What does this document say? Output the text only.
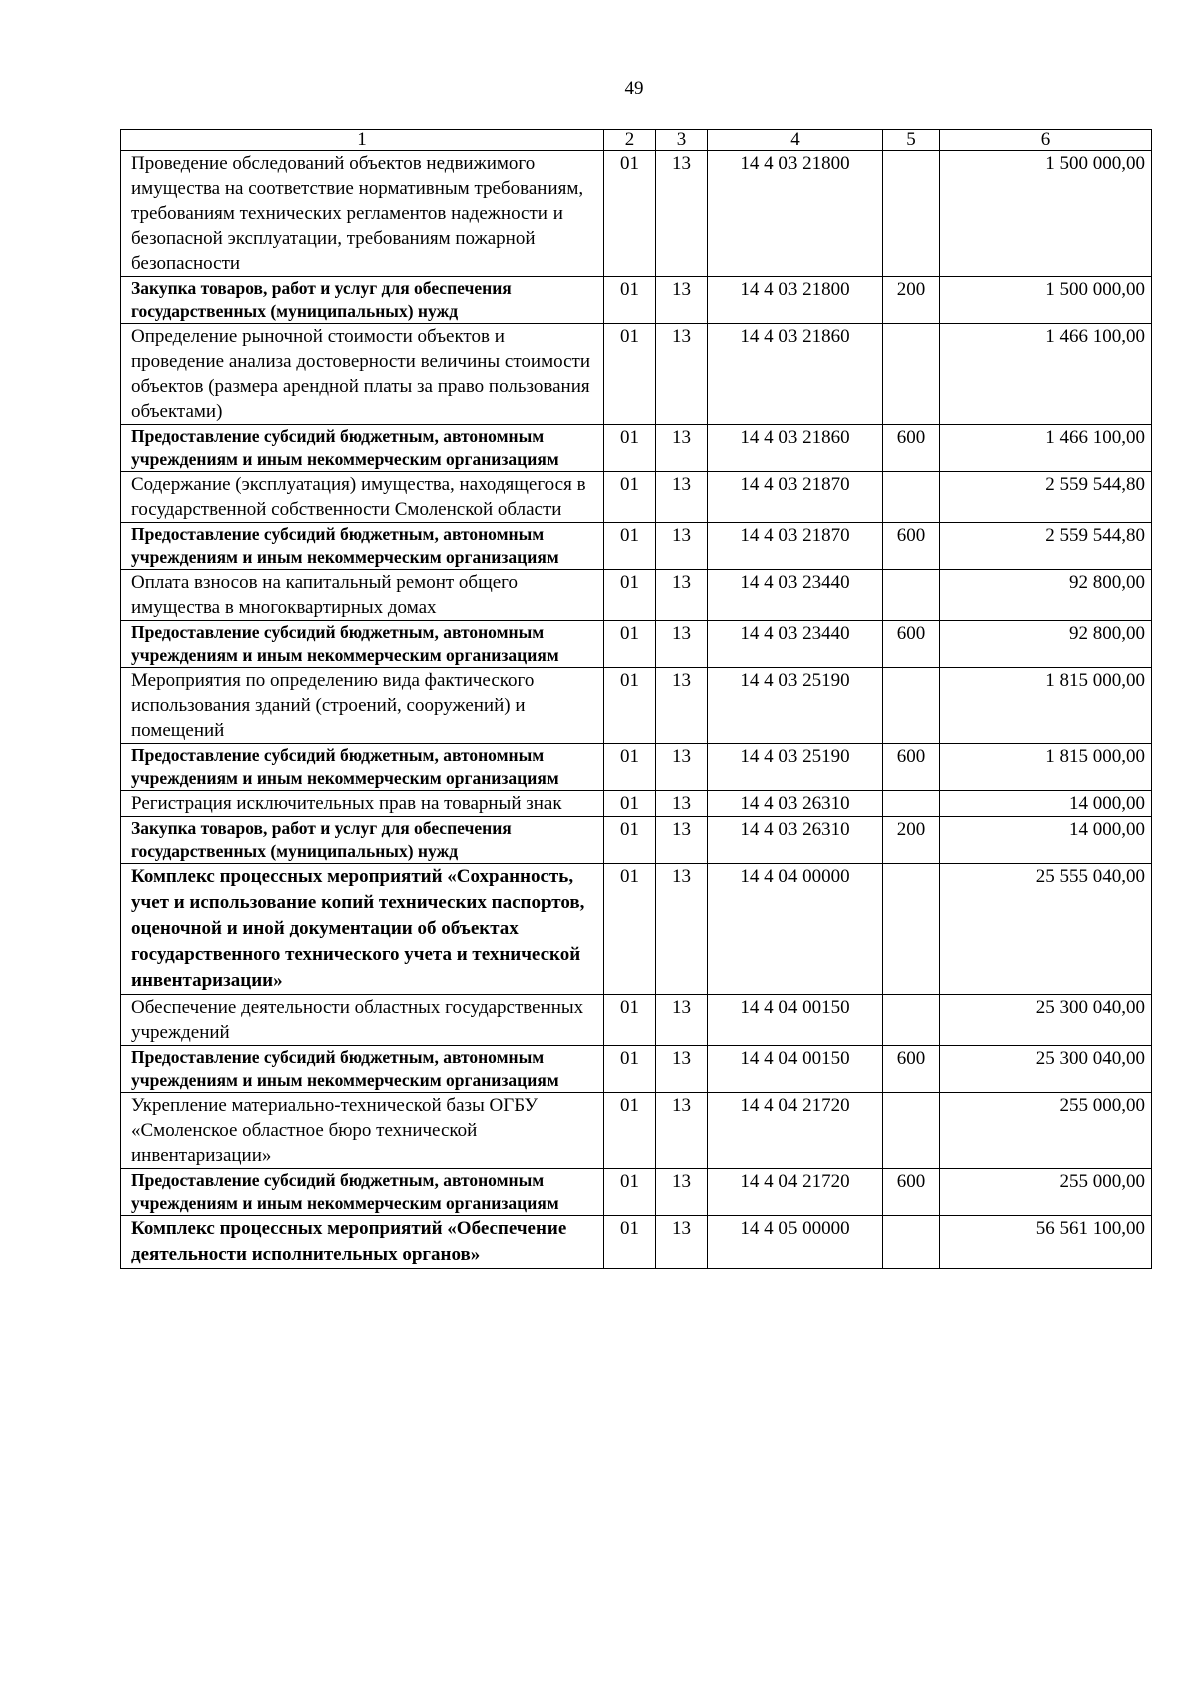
49
1	2	3	4	5	6
Проведение обследований объектов недвижимого имущества на соответствие нормативным требованиям, требованиям технических регламентов надежности и безопасной эксплуатации, требованиям пожарной безопасности	01	13	14 4 03 21800		1 500 000,00
Закупка товаров, работ и услуг для обеспечения государственных (муниципальных) нужд	01	13	14 4 03 21800	200	1 500 000,00
Определение рыночной стоимости объектов и проведение анализа достоверности величины стоимости объектов (размера арендной платы за право пользования объектами)	01	13	14 4 03 21860		1 466 100,00
Предоставление субсидий бюджетным, автономным учреждениям и иным некоммерческим организациям	01	13	14 4 03 21860	600	1 466 100,00
Содержание (эксплуатация) имущества, находящегося в государственной собственности Смоленской области	01	13	14 4 03 21870		2 559 544,80
Предоставление субсидий бюджетным, автономным учреждениям и иным некоммерческим организациям	01	13	14 4 03 21870	600	2 559 544,80
Оплата взносов на капитальный ремонт общего имущества в многоквартирных домах	01	13	14 4 03 23440		92 800,00
Предоставление субсидий бюджетным, автономным учреждениям и иным некоммерческим организациям	01	13	14 4 03 23440	600	92 800,00
Мероприятия по определению вида фактического использования зданий (строений, сооружений) и помещений	01	13	14 4 03 25190		1 815 000,00
Предоставление субсидий бюджетным, автономным учреждениям и иным некоммерческим организациям	01	13	14 4 03 25190	600	1 815 000,00
Регистрация исключительных прав на товарный знак	01	13	14 4 03 26310		14 000,00
Закупка товаров, работ и услуг для обеспечения государственных (муниципальных) нужд	01	13	14 4 03 26310	200	14 000,00
Комплекс процессных мероприятий «Сохранность, учет и использование копий технических паспортов, оценочной и иной документации об объектах государственного технического учета и технической инвентаризации»	01	13	14 4 04 00000		25 555 040,00
Обеспечение деятельности областных государственных учреждений	01	13	14 4 04 00150		25 300 040,00
Предоставление субсидий бюджетным, автономным учреждениям и иным некоммерческим организациям	01	13	14 4 04 00150	600	25 300 040,00
Укрепление материально-технической базы ОГБУ «Смоленское областное бюро технической инвентаризации»	01	13	14 4 04 21720		255 000,00
Предоставление субсидий бюджетным, автономным учреждениям и иным некоммерческим организациям	01	13	14 4 04 21720	600	255 000,00
Комплекс процессных мероприятий «Обеспечение деятельности исполнительных органов»	01	13	14 4 05 00000		56 561 100,00
